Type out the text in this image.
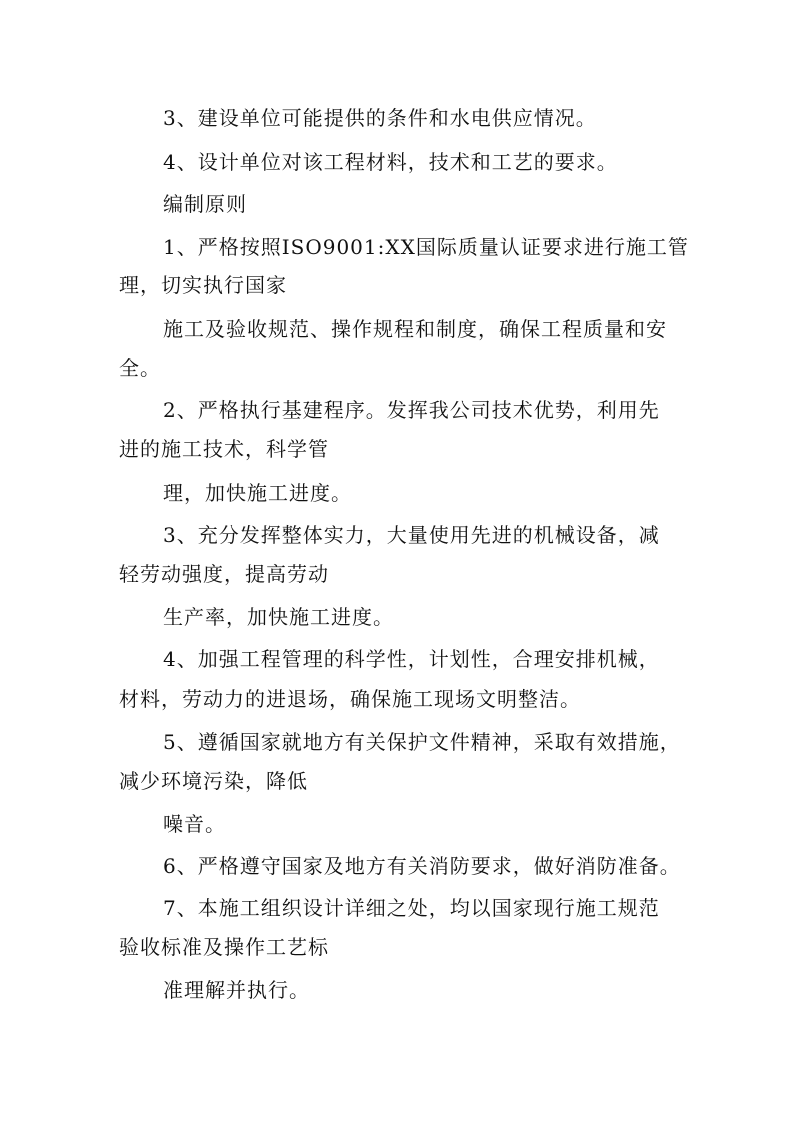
3、建设单位可能提供的条件和水电供应情况。
4、设计单位对该工程材料，技术和工艺的要求。
编制原则
1、严格按照ISO9001:XX国际质量认证要求进行施工管
理，切实执行国家
施工及验收规范、操作规程和制度，确保工程质量和安
全。
2、严格执行基建程序。发挥我公司技术优势，利用先
进的施工技术，科学管
理，加快施工进度。
3、充分发挥整体实力，大量使用先进的机械设备，减
轻劳动强度，提高劳动
生产率，加快施工进度。
4、加强工程管理的科学性，计划性，合理安排机械，
材料，劳动力的进退场，确保施工现场文明整洁。
5、遵循国家就地方有关保护文件精神，采取有效措施，
减少环境污染，降低
噪音。
6、严格遵守国家及地方有关消防要求，做好消防准备。
7、本施工组织设计详细之处，均以国家现行施工规范
验收标准及操作工艺标
准理解并执行。
